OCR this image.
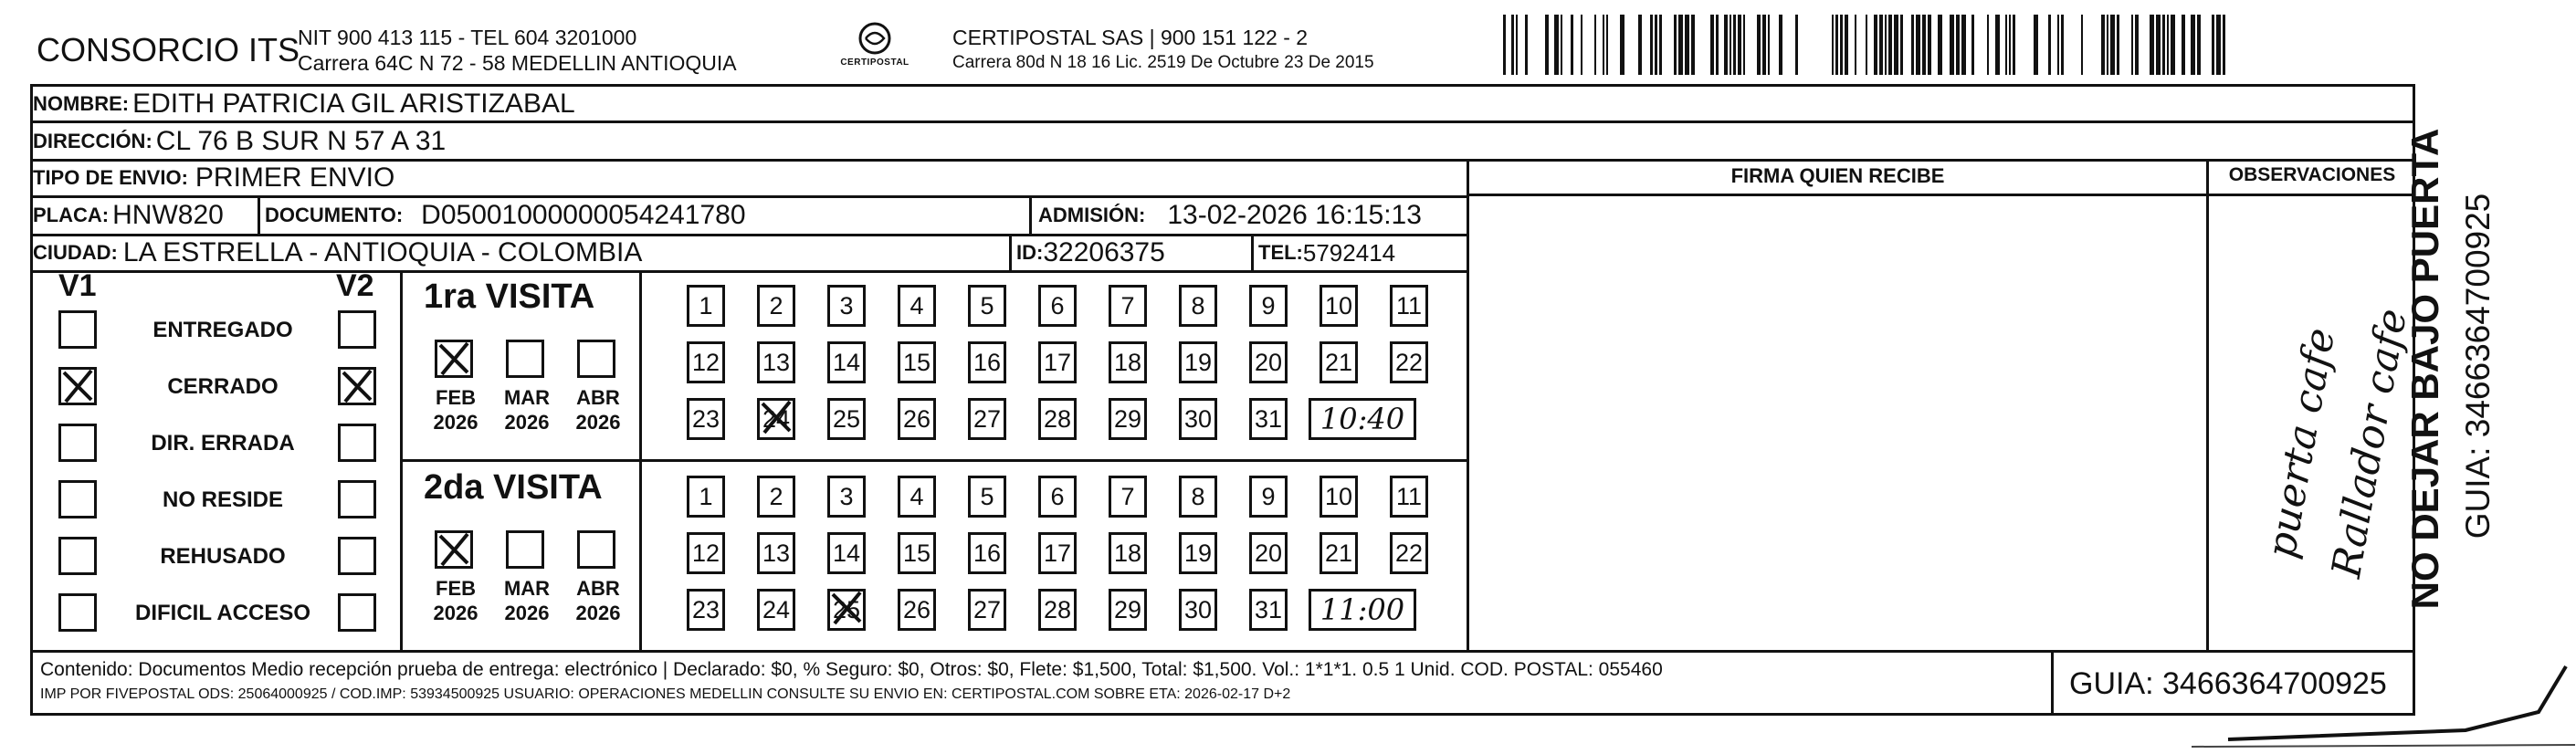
CONSORCIO ITS
NIT 900 413 115 - TEL 604 3201000
Carrera 64C N 72 - 58 MEDELLIN ANTIOQUIA	CERTIPOSTAL
CERTIPOSTAL SAS | 900 151 122 - 2
Carrera 80d N 18 16 Lic. 2519 De Octubre 23 De 2015
NOMBRE: EDITH PATRICIA GIL ARISTIZABAL
DIRECCIÓN: CL 76 B SUR N 57 A 31
TIPO DE ENVIO: PRIMER ENVIO
PLACA: HNW820 DOCUMENTO: D05001000000054241780	ADMISIÓN: 13-02-2026 16:15:13
CIUDAD: LA ESTRELLA - ANTIOQUIA - COLOMBIA	ID: 32206375	TEL: 5792414
FIRMA QUIEN RECIBE	OBSERVACIONES
puerta cafe
Rallador cafe
V1	V2
ENTREGADO
CERRADO
DIR. ERRADA
NO RESIDE
REHUSADO
DIFICIL ACCESO
1ra VISITA
2da VISITA
FEB
2026
MAR
2026
ABR
2026
1	2	3	4	5	6	7	8	9	10 11
12 13 14 15 16 17 18 19 20 21 22
23 24 25 26 27 28 29 30 31 10:40
FEB
2026
MAR
2026
ABR
2026
1	2	3	4	5	6	7	8	9	10 11
12 13 14 15 16 17 18 19 20 21 22
23 24 25 26 27 28 29 30 31 11:00
NO DEJAR BAJO PUERTA GUIA: 3466364700925
Contenido: Documentos Medio recepción prueba de entrega: electrónico | Declarado: $0, % Seguro: $0, Otros: $0, Flete: $1,500, Total: $1,500. Vol.: 1*1*1. 0.5 1 Unid. COD. POSTAL: 055460
IMP POR FIVEPOSTAL ODS: 25064000925 / COD.IMP: 53934500925 USUARIO: OPERACIONES MEDELLIN CONSULTE SU ENVIO EN: CERTIPOSTAL.COM SOBRE ETA: 2026-02-17 D+2	GUIA: 3466364700925
